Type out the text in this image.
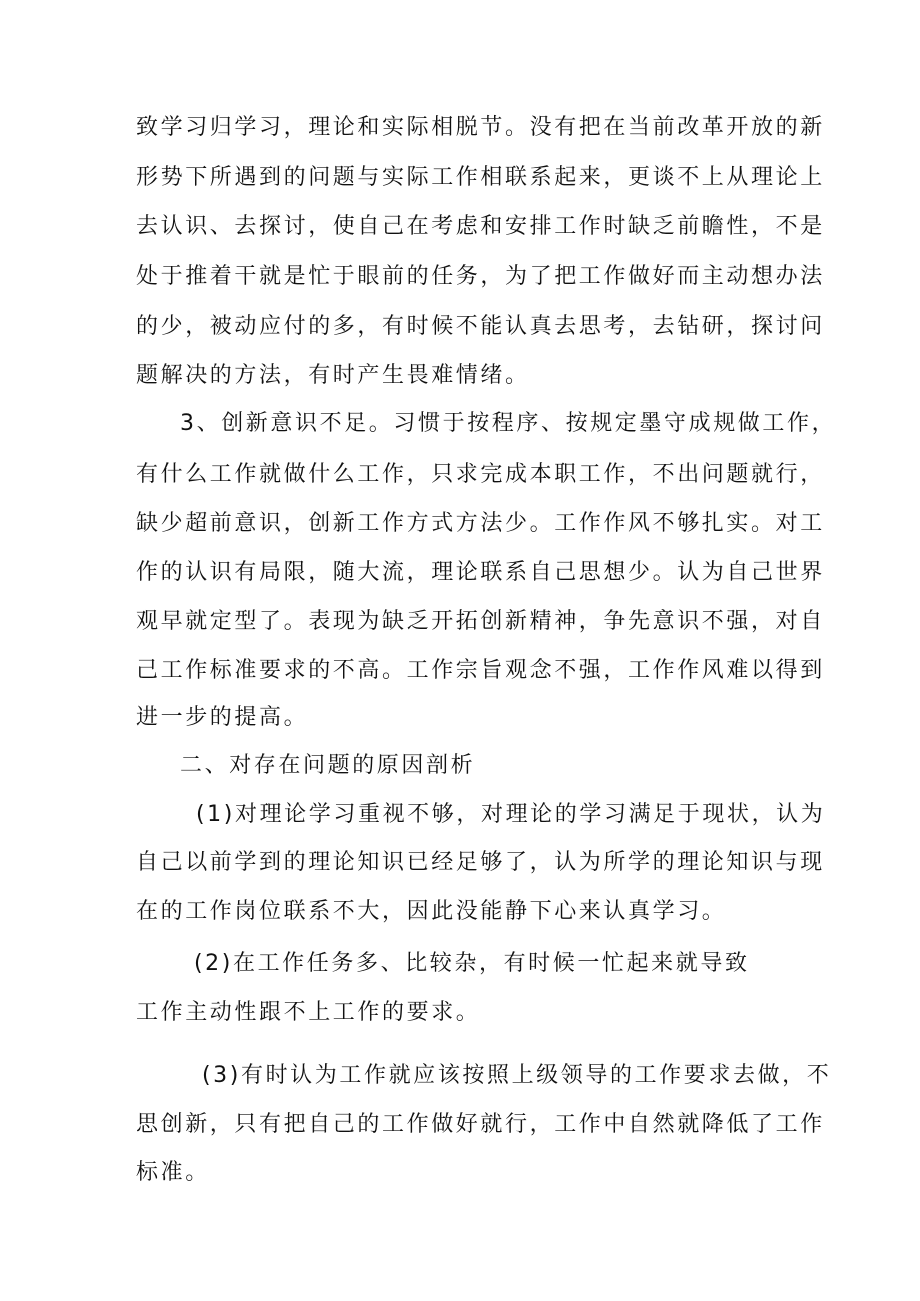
致学习归学习，理论和实际相脱节。没有把在当前改革开放的新
形势下所遇到的问题与实际工作相联系起来，更谈不上从理论上
去认识、去探讨，使自己在考虑和安排工作时缺乏前瞻性，不是
处于推着干就是忙于眼前的任务，为了把工作做好而主动想办法
的少，被动应付的多，有时候不能认真去思考，去钻研，探讨问
题解决的方法，有时产生畏难情绪。
3、创新意识不足。习惯于按程序、按规定墨守成规做工作，
有什么工作就做什么工作，只求完成本职工作，不出问题就行，
缺少超前意识，创新工作方式方法少。工作作风不够扎实。对工
作的认识有局限，随大流，理论联系自己思想少。认为自己世界
观早就定型了。表现为缺乏开拓创新精神，争先意识不强，对自
己工作标准要求的不高。工作宗旨观念不强，工作作风难以得到
进一步的提高。
二、对存在问题的原因剖析
(1)对理论学习重视不够，对理论的学习满足于现状，认为
自己以前学到的理论知识已经足够了，认为所学的理论知识与现
在的工作岗位联系不大，因此没能静下心来认真学习。
(2)在工作任务多、比较杂，有时候一忙起来就导致
工作主动性跟不上工作的要求。
(3)有时认为工作就应该按照上级领导的工作要求去做，不
思创新，只有把自己的工作做好就行，工作中自然就降低了工作
标准。
